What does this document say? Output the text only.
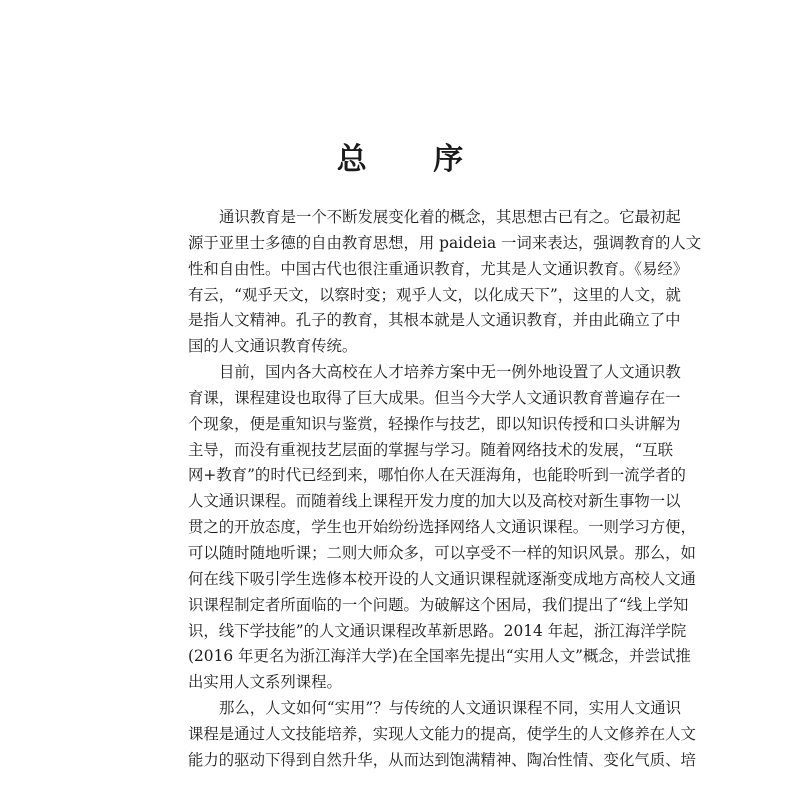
总 序
通识教育是一个不断发展变化着的概念，其思想古已有之。它最初起
源于亚里士多德的自由教育思想，用 paideia 一词来表达，强调教育的人文
性和自由性。中国古代也很注重通识教育，尤其是人文通识教育。《易经》
有云，“观乎天文，以察时变；观乎人文，以化成天下”，这里的人文，就
是指人文精神。孔子的教育，其根本就是人文通识教育，并由此确立了中
国的人文通识教育传统。
目前，国内各大高校在人才培养方案中无一例外地设置了人文通识教
育课，课程建设也取得了巨大成果。但当今大学人文通识教育普遍存在一
个现象，便是重知识与鉴赏，轻操作与技艺，即以知识传授和口头讲解为
主导，而没有重视技艺层面的掌握与学习。随着网络技术的发展，“互联
网+教育”的时代已经到来，哪怕你人在天涯海角，也能聆听到一流学者的
人文通识课程。而随着线上课程开发力度的加大以及高校对新生事物一以
贯之的开放态度，学生也开始纷纷选择网络人文通识课程。一则学习方便，
可以随时随地听课；二则大师众多，可以享受不一样的知识风景。那么，如
何在线下吸引学生选修本校开设的人文通识课程就逐渐变成地方高校人文通
识课程制定者所面临的一个问题。为破解这个困局，我们提出了“线上学知
识，线下学技能”的人文通识课程改革新思路。2014 年起，浙江海洋学院
(2016 年更名为浙江海洋大学)在全国率先提出“实用人文”概念，并尝试推
出实用人文系列课程。
那么，人文如何“实用”？与传统的人文通识课程不同，实用人文通识
课程是通过人文技能培养，实现人文能力的提高，使学生的人文修养在人文
能力的驱动下得到自然升华，从而达到饱满精神、陶冶性情、变化气质、培
